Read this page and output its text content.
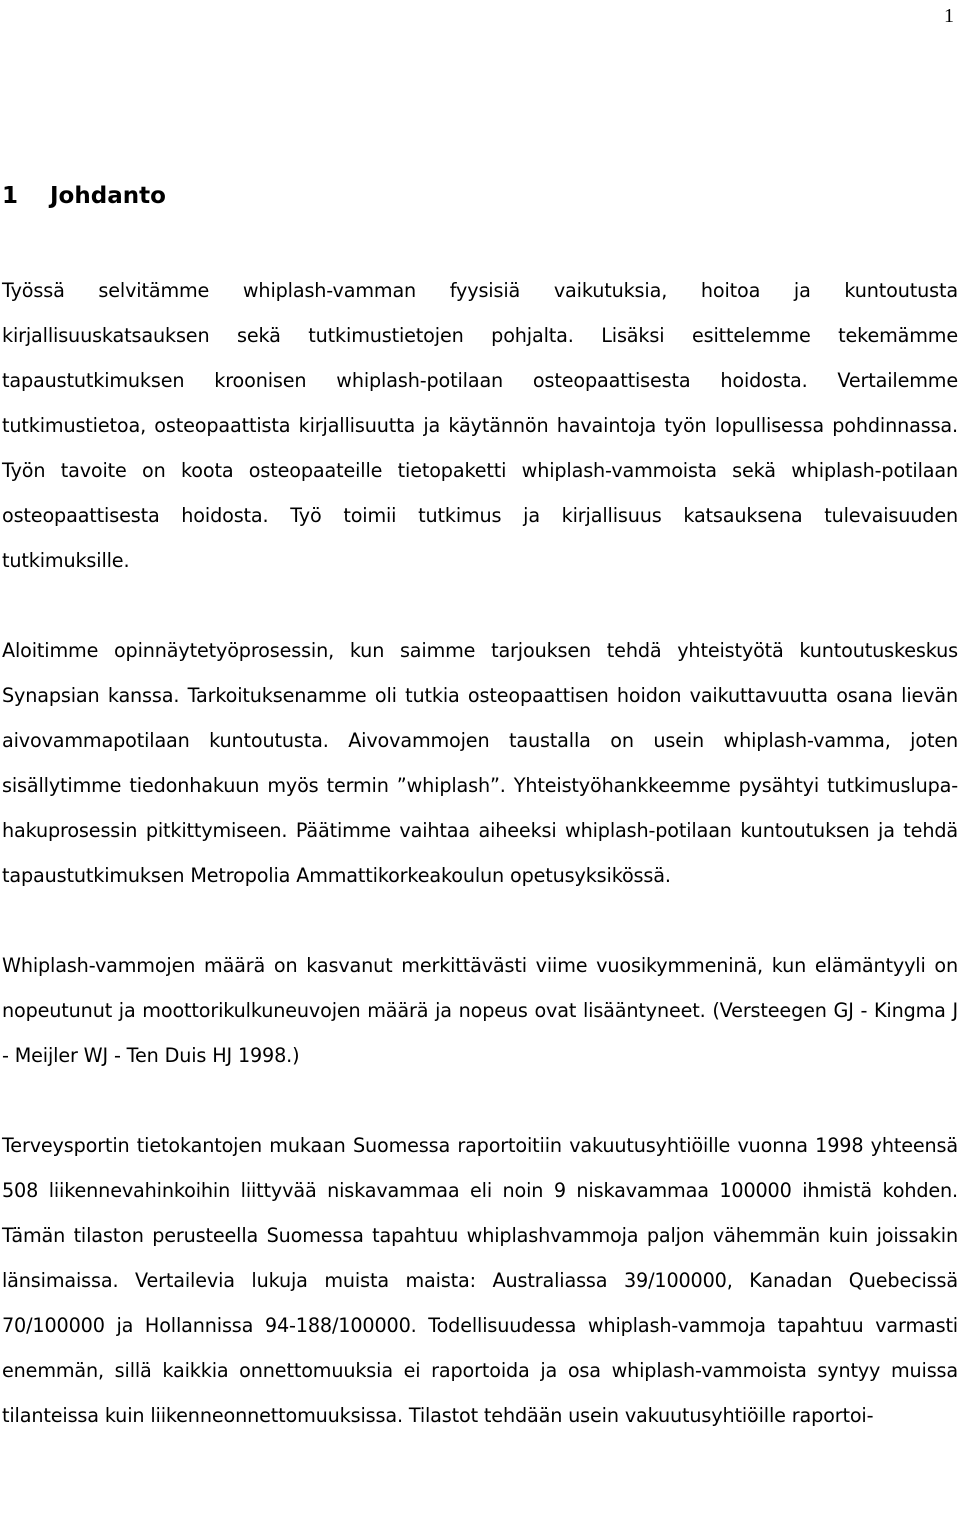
1
1	Johdanto

Työssä selvitämme whiplash-vamman fyysisiä vaikutuksia, hoitoa ja kuntoutusta kirjallisuuskatsauksen sekä tutkimustietojen pohjalta. Lisäksi esittelemme tekemämme tapaustutkimuksen kroonisen whiplash-potilaan osteopaattisesta hoidosta. Vertailemme tutkimustietoa, osteopaattista kirjallisuutta ja käytännön havaintoja työn lopullisessa pohdinnassa. Työn tavoite on koota osteopaateille tietopaketti whiplash-vammoista sekä whiplash-potilaan osteopaattisesta hoidosta. Työ toimii tutkimus ja kirjallisuus katsauksena tulevaisuuden tutkimuksille.

Aloitimme opinnäytetyöprosessin, kun saimme tarjouksen tehdä yhteistyötä kuntoutuskeskus Synapsian kanssa. Tarkoituksenamme oli tutkia osteopaattisen hoidon vaikuttavuutta osana lievän aivovammapotilaan kuntoutusta. Aivovammojen taustalla on usein whiplash-vamma, joten sisällytimme tiedonhakuun myös termin ”whiplash”. Yhteistyöhankkeemme pysähtyi tutkimuslupa-hakuprosessin pitkittymiseen. Päätimme vaihtaa aiheeksi whiplash-potilaan kuntoutuksen ja tehdä tapaustutkimuksen Metropolia Ammattikorkeakoulun opetusyksikössä.

Whiplash-vammojen määrä on kasvanut merkittävästi viime vuosikymmeninä, kun elämäntyyli on nopeutunut ja moottorikulkuneuvojen määrä ja nopeus ovat lisääntyneet. (Versteegen GJ - Kingma J - Meijler WJ - Ten Duis HJ 1998.)

Terveysportin tietokantojen mukaan Suomessa raportoitiin vakuutusyhtiöille vuonna 1998 yhteensä 508 liikennevahinkoihin liittyvää niskavammaa eli noin 9 niskavammaa 100000 ihmistä kohden. Tämän tilaston perusteella Suomessa tapahtuu whiplashvammoja paljon vähemmän kuin joissakin länsimaissa. Vertailevia lukuja muista maista: Australiassa 39/100000, Kanadan Quebecissä 70/100000 ja Hollannissa 94-188/100000. Todellisuudessa whiplash-vammoja tapahtuu varmasti enemmän, sillä kaikkia onnettomuuksia ei raportoida ja osa whiplash-vammoista syntyy muissa tilanteissa kuin liikenneonnettomuuksissa. Tilastot tehdään usein vakuutusyhtiöille raportoi-
